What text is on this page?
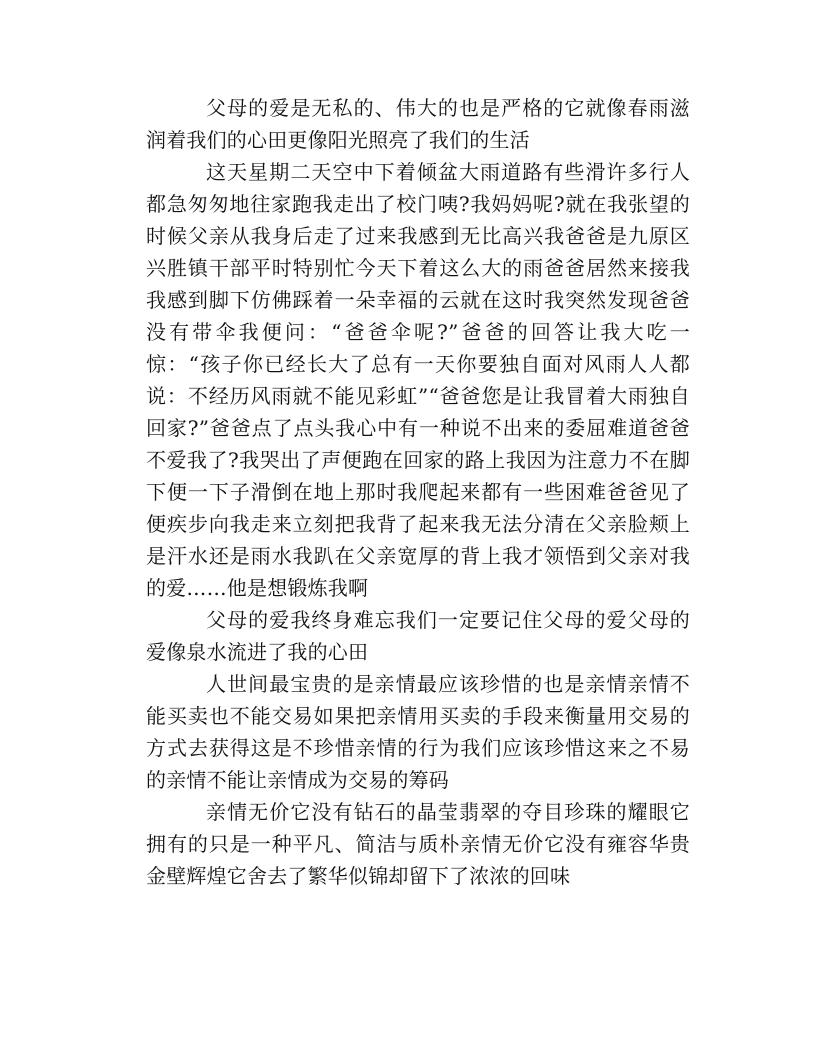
父母的爱是无私的、伟大的也是严格的它就像春雨滋润着我们的心田更像阳光照亮了我们的生活

这天星期二天空中下着倾盆大雨道路有些滑许多行人都急匆匆地往家跑我走出了校门咦?我妈妈呢?就在我张望的时候父亲从我身后走了过来我感到无比高兴我爸爸是九原区兴胜镇干部平时特别忙今天下着这么大的雨爸爸居然来接我我感到脚下仿佛踩着一朵幸福的云就在这时我突然发现爸爸没有带伞我便问：“爸爸伞呢?”爸爸的回答让我大吃一惊：“孩子你已经长大了总有一天你要独自面对风雨人人都说：不经历风雨就不能见彩虹”“爸爸您是让我冒着大雨独自回家?”爸爸点了点头我心中有一种说不出来的委屈难道爸爸不爱我了?我哭出了声便跑在回家的路上我因为注意力不在脚下便一下子滑倒在地上那时我爬起来都有一些困难爸爸见了便疾步向我走来立刻把我背了起来我无法分清在父亲脸颊上是汗水还是雨水我趴在父亲宽厚的背上我才领悟到父亲对我的爱……他是想锻炼我啊

父母的爱我终身难忘我们一定要记住父母的爱父母的爱像泉水流进了我的心田

人世间最宝贵的是亲情最应该珍惜的也是亲情亲情不能买卖也不能交易如果把亲情用买卖的手段来衡量用交易的方式去获得这是不珍惜亲情的行为我们应该珍惜这来之不易的亲情不能让亲情成为交易的筹码

亲情无价它没有钻石的晶莹翡翠的夺目珍珠的耀眼它拥有的只是一种平凡、简洁与质朴亲情无价它没有雍容华贵金壁辉煌它舍去了繁华似锦却留下了浓浓的回味
